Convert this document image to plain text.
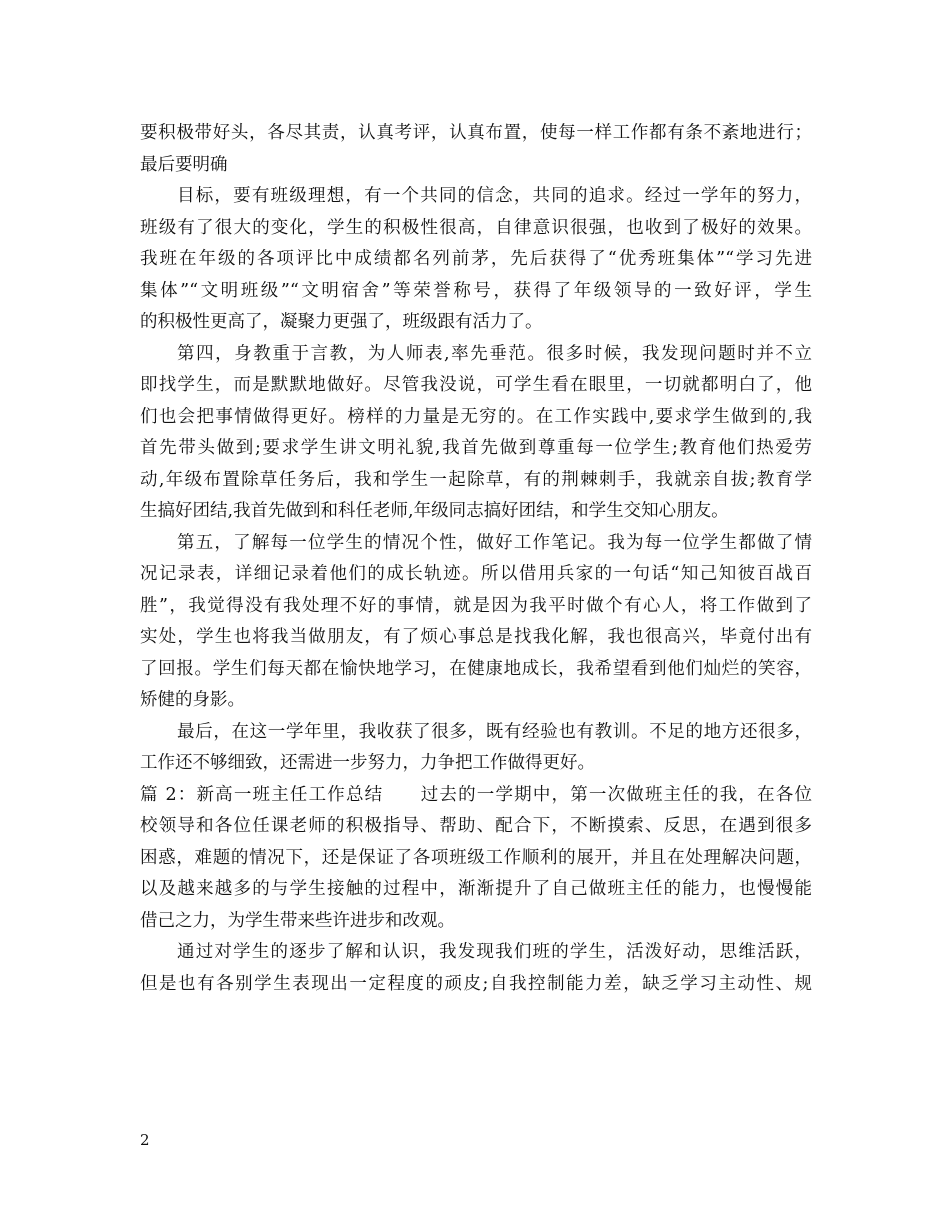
要积极带好头，各尽其责，认真考评，认真布置，使每一样工作都有条不紊地进行；

最后要明确

目标，要有班级理想，有一个共同的信念，共同的追求。经过一学年的努力，

班级有了很大的变化，学生的积极性很高，自律意识很强，也收到了极好的效果。

我班在年级的各项评比中成绩都名列前茅，先后获得了“优秀班集体”“学习先进

集体”“文明班级”“文明宿舍”等荣誉称号，获得了年级领导的一致好评，学生

的积极性更高了，凝聚力更强了，班级跟有活力了。

第四，身教重于言教，为人师表,率先垂范。很多时候，我发现问题时并不立

即找学生，而是默默地做好。尽管我没说，可学生看在眼里，一切就都明白了，他

们也会把事情做得更好。榜样的力量是无穷的。在工作实践中,要求学生做到的,我

首先带头做到;要求学生讲文明礼貌,我首先做到尊重每一位学生;教育他们热爱劳

动,年级布置除草任务后，我和学生一起除草，有的荆棘刺手，我就亲自拔;教育学

生搞好团结,我首先做到和科任老师,年级同志搞好团结，和学生交知心朋友。

第五，了解每一位学生的情况个性，做好工作笔记。我为每一位学生都做了情

况记录表，详细记录着他们的成长轨迹。所以借用兵家的一句话“知己知彼百战百

胜”，我觉得没有我处理不好的事情，就是因为我平时做个有心人，将工作做到了

实处，学生也将我当做朋友，有了烦心事总是找我化解，我也很高兴，毕竟付出有

了回报。学生们每天都在愉快地学习，在健康地成长，我希望看到他们灿烂的笑容，

矫健的身影。

最后，在这一学年里，我收获了很多，既有经验也有教训。不足的地方还很多，

工作还不够细致，还需进一步努力，力争把工作做得更好。

篇 2：新高一班主任工作总结　　过去的一学期中，第一次做班主任的我，在各位

校领导和各位任课老师的积极指导、帮助、配合下，不断摸索、反思，在遇到很多

困惑，难题的情况下，还是保证了各项班级工作顺利的展开，并且在处理解决问题，

以及越来越多的与学生接触的过程中，渐渐提升了自己做班主任的能力，也慢慢能

借己之力，为学生带来些许进步和改观。

通过对学生的逐步了解和认识，我发现我们班的学生，活泼好动，思维活跃，

但是也有各别学生表现出一定程度的顽皮;自我控制能力差，缺乏学习主动性、规

2
